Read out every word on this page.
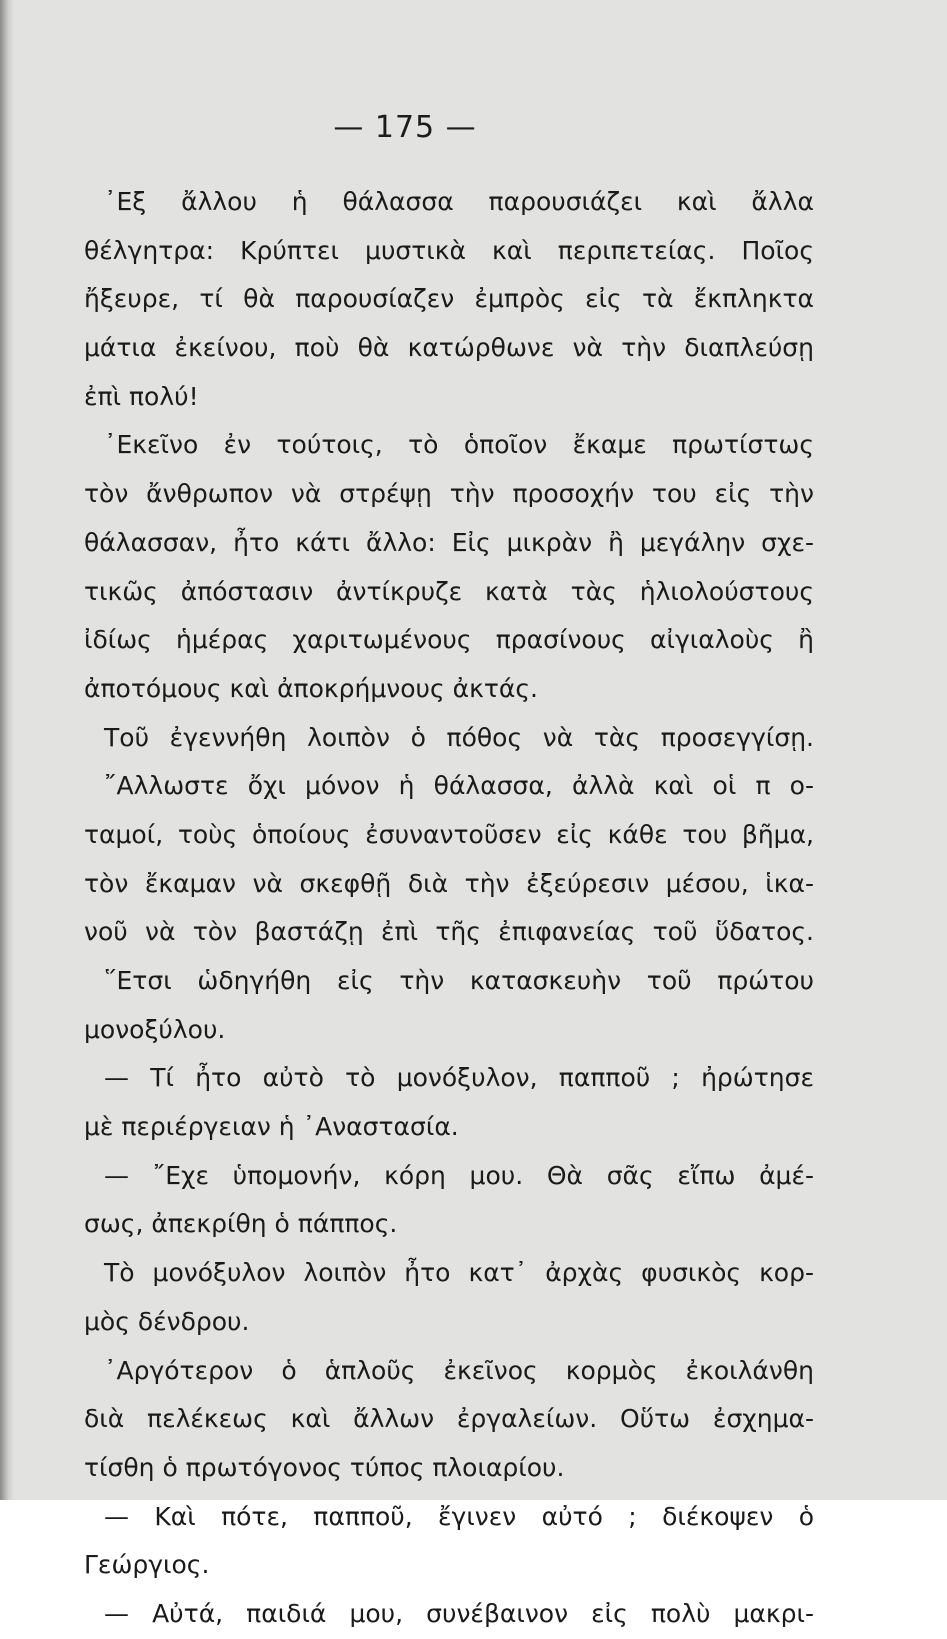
— 175 —
᾽Εξ ἄλλου ἡ θάλασσα παρουσιάζει καὶ ἄλλα
θέλγητρα: Κρύπτει μυστικὰ καὶ περιπετείας. Ποῖος
ἤξευρε, τί θὰ παρουσίαζεν ἐμπρὸς εἰς τὰ ἔκπληκτα
μάτια ἐκείνου, ποὺ θὰ κατώρθωνε νὰ τὴν διαπλεύσῃ
ἐπὶ πολύ!
᾽Εκεῖνο ἐν τούτοις, τὸ ὁποῖον ἔκαμε πρωτίστως
τὸν ἄνθρωπον νὰ στρέψῃ τὴν προσοχήν του εἰς τὴν
θάλασσαν, ἦτο κάτι ἄλλο: Εἰς μικρὰν ἢ μεγάλην σχε-
τικῶς ἀπόστασιν ἀντίκρυζε κατὰ τὰς ἡλιολούστους
ἰδίως ἡμέρας χαριτωμένους πρασίνους αἰγιαλοὺς ἢ
ἀποτόμους καὶ ἀποκρήμνους ἀκτάς.
Τοῦ ἐγεννήθη λοιπὸν ὁ πόθος νὰ τὰς προσεγγίσῃ.
῎Αλλωστε ὄχι μόνον ἡ θάλασσα, ἀλλὰ καὶ οἱ π ο-
ταμοί, τοὺς ὁποίους ἐσυναντοῦσεν εἰς κάθε του βῆμα,
τὸν ἔκαμαν νὰ σκεφθῇ διὰ τὴν ἐξεύρεσιν μέσου, ἱκα-
νοῦ νὰ τὸν βαστάζῃ ἐπὶ τῆς ἐπιφανείας τοῦ ὕδατος.
῞Ετσι ὡδηγήθη εἰς τὴν κατασκευὴν τοῦ πρώτου
μονοξύλου.
— Τί ἦτο αὐτὸ τὸ μονόξυλον, παπποῦ ; ἠρώτησε
μὲ περιέργειαν ἡ ᾽Αναστασία.
— ῎Εχε ὑπομονήν, κόρη μου. Θὰ σᾶς εἴπω ἀμέ-
σως, ἀπεκρίθη ὁ πάππος.
Τὸ μονόξυλον λοιπὸν ἦτο κατ᾽ ἀρχὰς φυσικὸς κορ-
μὸς δένδρου.
᾽Αργότερον ὁ ἁπλοῦς ἐκεῖνος κορμὸς ἐκοιλάνθη
διὰ πελέκεως καὶ ἄλλων ἐργαλείων. Οὕτω ἐσχημα-
τίσθη ὁ πρωτόγονος τύπος πλοιαρίου.
— Καὶ πότε, παπποῦ, ἔγινεν αὐτό ; διέκοψεν ὁ
Γεώργιος.
— Αὐτά, παιδιά μου, συνέβαινον εἰς πολὺ μακρι-
